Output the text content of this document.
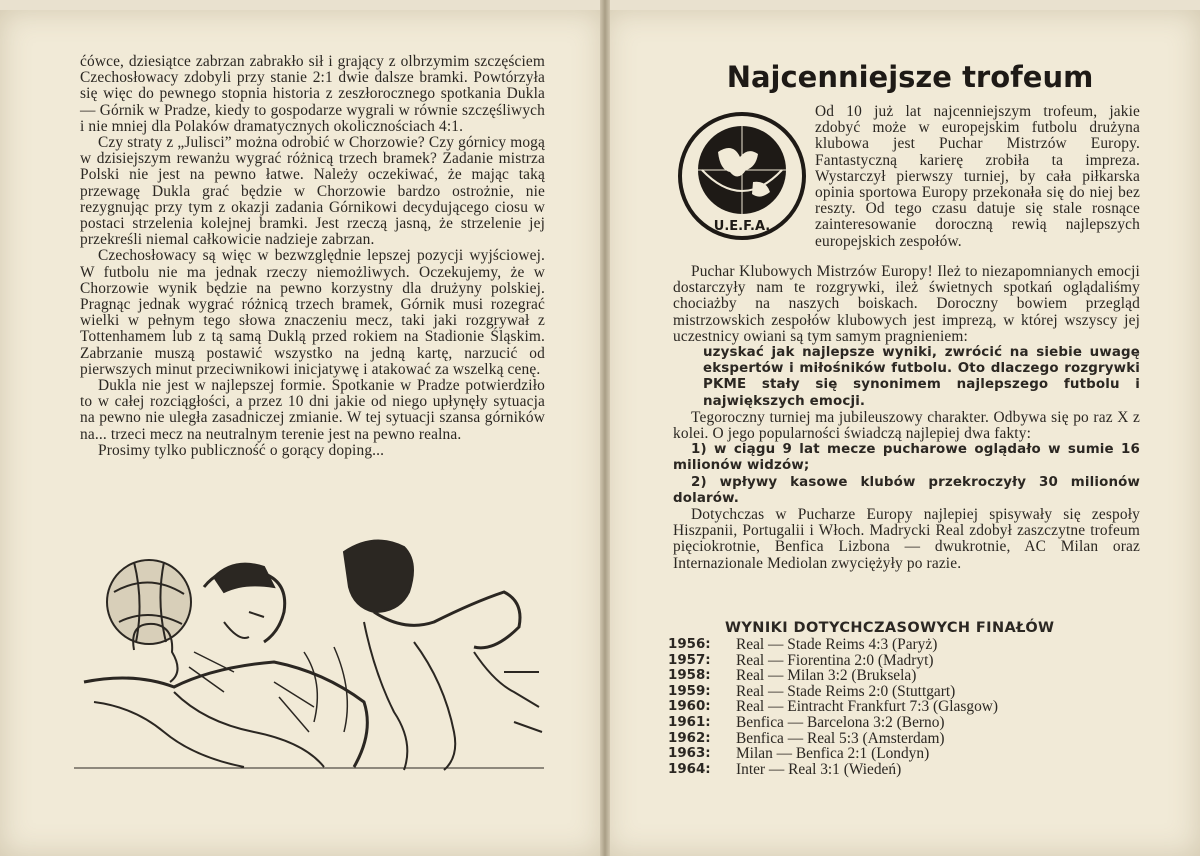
ćówce, dziesiątce zabrzan zabrakło sił i grający z olbrzymim szczęściem Czechosłowacy zdobyli przy stanie 2:1 dwie dalsze bramki. Powtórzyła się więc do pewnego stopnia historia z zeszłorocznego spotkania Dukla — Górnik w Pradze, kiedy to gospodarze wygrali w równie szczęśliwych i nie mniej dla Polaków dramatycznych okolicznościach 4:1.

Czy straty z „Julisci” można odrobić w Chorzowie? Czy górnicy mogą w dzisiejszym rewanżu wygrać różnicą trzech bramek? Zadanie mistrza Polski nie jest na pewno łatwe. Należy oczekiwać, że mając taką przewagę Dukla grać będzie w Chorzowie bardzo ostrożnie, nie rezygnując przy tym z okazji zadania Górnikowi decydującego ciosu w postaci strzelenia kolejnej bramki. Jest rzeczą jasną, że strzelenie jej przekreśli niemal całkowicie nadzieje zabrzan.

Czechosłowacy są więc w bezwzględnie lepszej pozycji wyjściowej. W futbolu nie ma jednak rzeczy niemożliwych. Oczekujemy, że w Chorzowie wynik będzie na pewno korzystny dla drużyny polskiej. Pragnąc jednak wygrać różnicą trzech bramek, Górnik musi rozegrać wielki w pełnym tego słowa znaczeniu mecz, taki jaki rozgrywał z Tottenhamem lub z tą samą Duklą przed rokiem na Stadionie Śląskim. Zabrzanie muszą postawić wszystko na jedną kartę, narzucić od pierwszych minut przeciwnikowi inicjatywę i atakować za wszelką cenę.

Dukla nie jest w najlepszej formie. Spotkanie w Pradze potwierdziło to w całej rozciągłości, a przez 10 dni jakie od niego upłynęły sytuacja na pewno nie uległa zasadniczej zmianie. W tej sytuacji szansa górników na... trzeci mecz na neutralnym terenie jest na pewno realna.

Prosimy tylko publiczność o gorący doping...

Najcenniejsze trofeum
U.E.F.A.
Od 10 już lat najcenniejszym trofeum, jakie zdobyć może w europejskim futbolu drużyna klubowa jest Puchar Mistrzów Europy. Fantastyczną karierę zrobiła ta impreza. Wystarczył pierwszy turniej, by cała piłkarska opinia sportowa Europy przekonała się do niej bez reszty. Od tego czasu datuje się stale rosnące zainteresowanie doroczną rewią najlepszych europejskich zespołów.

Puchar Klubowych Mistrzów Europy! Ileż to niezapomnianych emocji dostarczyły nam te rozgrywki, ileż świetnych spotkań oglądaliśmy chociażby na naszych boiskach. Doroczny bowiem przegląd mistrzowskich zespołów klubowych jest imprezą, w której wszyscy jej uczestnicy owiani są tym samym pragnieniem:

uzyskać jak najlepsze wyniki, zwrócić na siebie uwagę ekspertów i miłośników futbolu. Oto dlaczego rozgrywki PKME stały się synonimem najlepszego futbolu i największych emocji.

Tegoroczny turniej ma jubileuszowy charakter. Odbywa się po raz X z kolei. O jego popularności świadczą najlepiej dwa fakty:

1) w ciągu 9 lat mecze pucharowe oglądało w sumie 16 milionów widzów;

2) wpływy kasowe klubów przekroczyły 30 milionów dolarów.

Dotychczas w Pucharze Europy najlepiej spisywały się zespoły Hiszpanii, Portugalii i Włoch. Madrycki Real zdobył zaszczytne trofeum pięciokrotnie, Benfica Lizbona — dwukrotnie, AC Milan oraz Internazionale Mediolan zwyciężyły po razie.

WYNIKI DOTYCHCZASOWYCH FINAŁÓW
1956:	Real — Stade Reims 4:3 (Paryż)
1957:	Real — Fiorentina 2:0 (Madryt)
1958:	Real — Milan 3:2 (Bruksela)
1959:	Real — Stade Reims 2:0 (Stuttgart)
1960:	Real — Eintracht Frankfurt 7:3 (Glasgow)
1961:	Benfica — Barcelona 3:2 (Berno)
1962:	Benfica — Real 5:3 (Amsterdam)
1963:	Milan — Benfica 2:1 (Londyn)
1964:	Inter — Real 3:1 (Wiedeń)
